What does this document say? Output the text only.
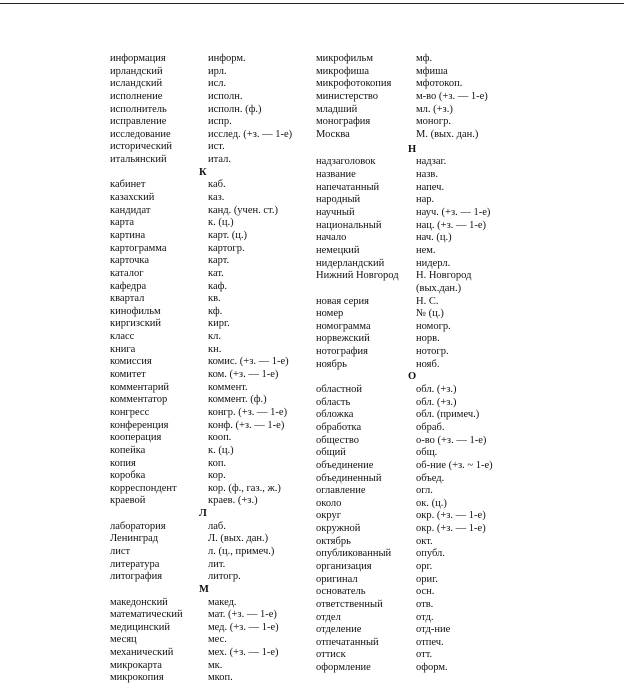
информация	информ.
ирландский	ирл.
исландский	исл.
исполнение	исполн.
исполнитель	исполн. (ф.)
исправление	испр.
исследование	исслед. (+з. — 1-е)
исторический	ист.
итальянский	итал.
К
кабинет	каб.
казахский	каз.
кандидат	канд. (учен. ст.)
карта	к. (ц.)
картина	карт. (ц.)
картограмма	картогр.
карточка	карт.
каталог	кат.
кафедра	каф.
квартал	кв.
кинофильм	кф.
киргизский	кирг.
класс	кл.
книга	кн.
комиссия	комис. (+з. — 1-е)
комитет	ком. (+з. — 1-е)
комментарий	коммент.
комментатор	коммент. (ф.)
конгресс	конгр. (+з. — 1-е)
конференция	конф. (+з. — 1-е)
кооперация	кооп.
копейка	к. (ц.)
копия	коп.
коробка	кор.
корреспондент	кор. (ф., газ., ж.)
краевой	краев. (+з.)
Л
лаборатория	лаб.
Ленинград	Л. (вых. дан.)
лист	л. (ц., примеч.)
литература	лит.
литография	литогр.
М
македонский	макед.
математический мат. (+з. — 1-е)
медицинский	мед. (+з. — 1-е)
месяц	мес.
механический	мех. (+з. — 1-е)
микрокарта	мк.
микрокопия	мкоп.
микрофильм	мф.
микрофиша	мфиша
микрофотокопия мфотокоп.
министерство	м-во (+з. — 1-е)
младший	мл. (+з.)
монография	моногр.
Москва	М. (вых. дан.)
Н
надзаголовок	надзаг.
название	назв.
напечатанный	напеч.
народный	нар.
научный	науч. (+з. — 1-е)
национальный	нац. (+з. — 1-е)
начало	нач. (ц.)
немецкий	нем.
нидерландский	нидерл.
Нижний Новгород Н. Новгород
(вых.дан.)
новая серия	Н. С.
номер	№ (ц.)
номограмма	номогр.
норвежский	норв.
нотография	нотогр.
ноябрь	нояб.
О
областной	обл. (+з.)
область	обл. (+з.)
обложка	обл. (примеч.)
обработка	обраб.
общество	о-во (+з. — 1-е)
общий	общ.
объединение	об-ние (+з. ~ 1-е)
объединенный	объед.
оглавление	огл.
около	ок. (ц.)
округ	окр. (+з. — 1-е)
окружной	окр. (+з. — 1-е)
октябрь	окт.
опубликованный опубл.
организация	орг.
оригинал	ориг.
основатель	осн.
ответственный	отв.
отдел	отд.
отделение	отд-ние
отпечатанный	отпеч.
оттиск	отт.
оформление	оформ.
